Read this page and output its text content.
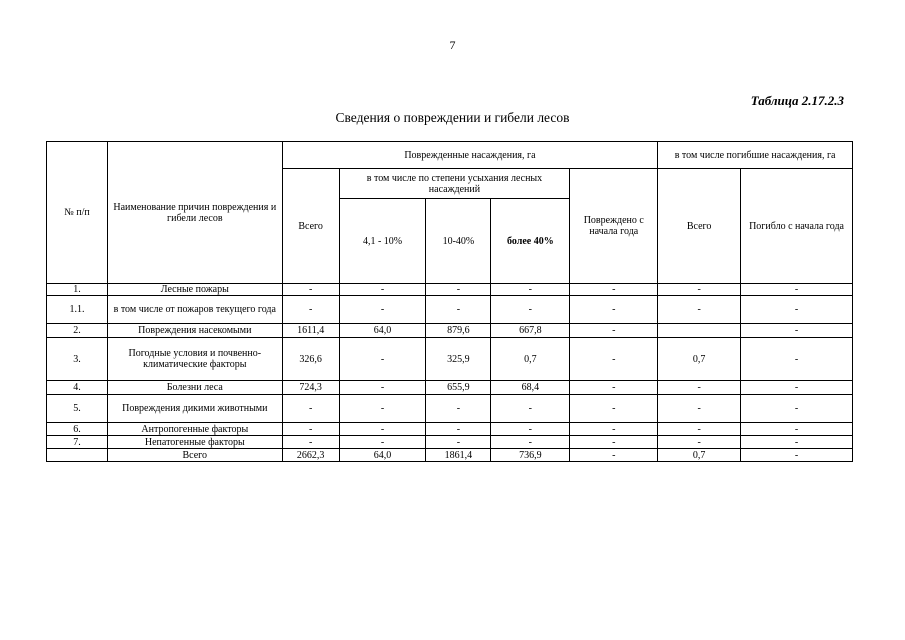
7
Таблица 2.17.2.3
Сведения о повреждении и гибели лесов
№ п/п	Наименование причин повреждения и гибели лесов	Поврежденные насаждения, га					в том числе погибшие насаждения, га	
		Всего	в том числе по степени усыхания лесных насаждений			Повреждено с начала года	Всего	Погибло с начала года
			4,1 - 10%	10-40%	более 40%			
1.	Лесные пожары	-	-	-	-	-	-	-
1.1.	в том числе от пожаров текущего года	-	-	-	-	-	-	-
2.	Повреждения насекомыми	1611,4	64,0	879,6	667,8	-		-
3.	Погодные условия и почвенно-климатические факторы	326,6	-	325,9	0,7	-	0,7	-
4.	Болезни леса	724,3	-	655,9	68,4	-	-	-
5.	Повреждения дикими животными	-	-	-	-	-	-	-
6.	Антропогенные факторы	-	-	-	-	-	-	-
7.	Непатогенные факторы	-	-	-	-	-	-	-
	Всего	2662,3	64,0	1861,4	736,9	-	0,7	-
